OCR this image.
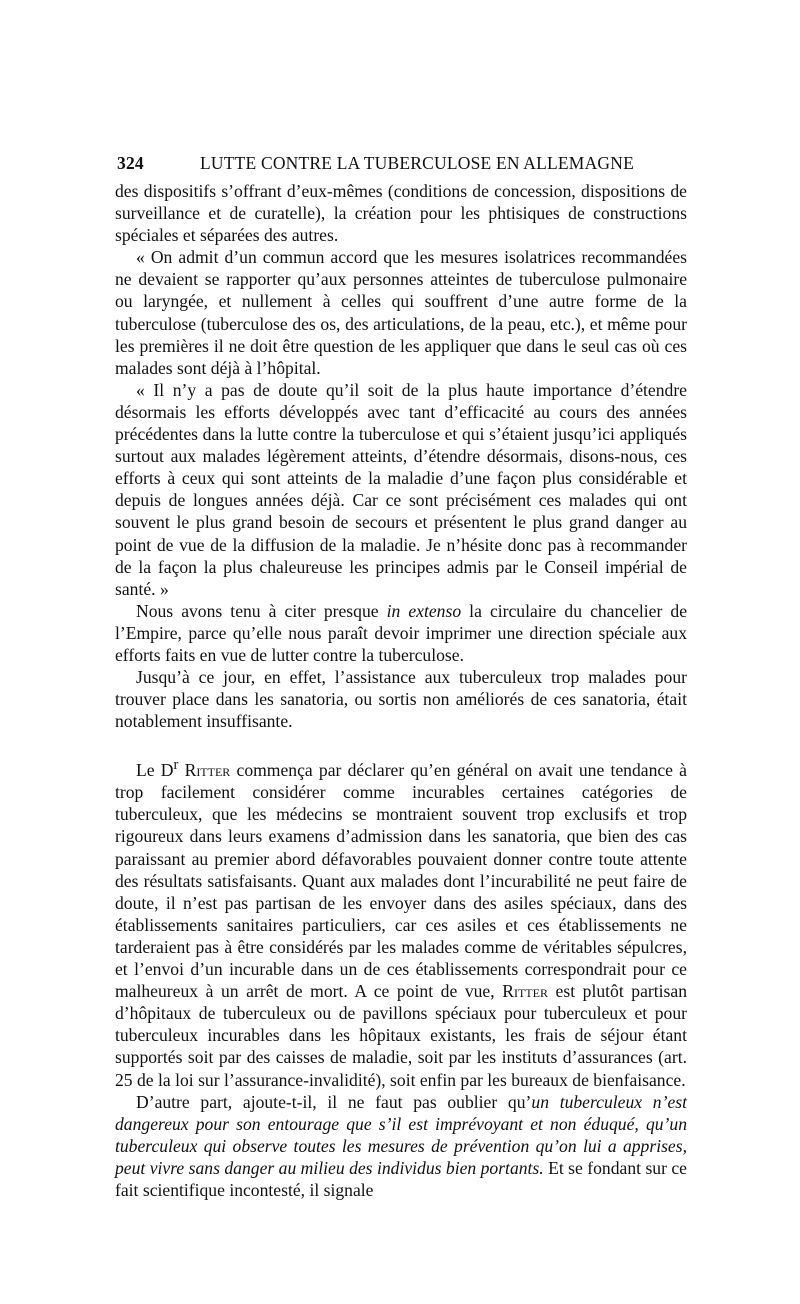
324	LUTTE CONTRE LA TUBERCULOSE EN ALLEMAGNE

des dispositifs s’offrant d’eux-mêmes (conditions de concession, dispositions de surveillance et de curatelle), la création pour les phtisiques de constructions spéciales et séparées des autres.

« On admit d’un commun accord que les mesures isolatrices recommandées ne devaient se rapporter qu’aux personnes atteintes de tuberculose pulmonaire ou laryngée, et nullement à celles qui souffrent d’une autre forme de la tuberculose (tuberculose des os, des articulations, de la peau, etc.), et même pour les premières il ne doit être question de les appliquer que dans le seul cas où ces malades sont déjà à l’hôpital.

« Il n’y a pas de doute qu’il soit de la plus haute importance d’étendre désormais les efforts développés avec tant d’efficacité au cours des années précédentes dans la lutte contre la tuberculose et qui s’étaient jusqu’ici appliqués surtout aux malades légèrement atteints, d’étendre désormais, disons-nous, ces efforts à ceux qui sont atteints de la maladie d’une façon plus considérable et depuis de longues années déjà. Car ce sont précisément ces malades qui ont souvent le plus grand besoin de secours et présentent le plus grand danger au point de vue de la diffusion de la maladie. Je n’hésite donc pas à recommander de la façon la plus chaleureuse les principes admis par le Conseil impérial de santé. »

Nous avons tenu à citer presque in extenso la circulaire du chancelier de l’Empire, parce qu’elle nous paraît devoir imprimer une direction spéciale aux efforts faits en vue de lutter contre la tuberculose.

Jusqu’à ce jour, en effet, l’assistance aux tuberculeux trop malades pour trouver place dans les sanatoria, ou sortis non améliorés de ces sanatoria, était notablement insuffisante.

Le $D^r$ Ritter commença par déclarer qu’en général on avait une tendance à trop facilement considérer comme incurables certaines catégories de tuberculeux, que les médecins se montraient souvent trop exclusifs et trop rigoureux dans leurs examens d’admission dans les sanatoria, que bien des cas paraissant au premier abord défavorables pouvaient donner contre toute attente des résultats satisfaisants. Quant aux malades dont l’incurabilité ne peut faire de doute, il n’est pas partisan de les envoyer dans des asiles spéciaux, dans des établissements sanitaires particuliers, car ces asiles et ces établissements ne tarderaient pas à être considérés par les malades comme de véritables sépulcres, et l’envoi d’un incurable dans un de ces établissements correspondrait pour ce malheureux à un arrêt de mort. A ce point de vue, Ritter est plutôt partisan d’hôpitaux de tuberculeux ou de pavillons spéciaux pour tuberculeux et pour tuberculeux incurables dans les hôpitaux existants, les frais de séjour étant supportés soit par des caisses de maladie, soit par les instituts d’assurances (art. 25 de la loi sur l’assurance-invalidité), soit enfin par les bureaux de bienfaisance.

D’autre part, ajoute-t-il, il ne faut pas oublier qu’un tuberculeux n’est dangereux pour son entourage que s’il est imprévoyant et non éduqué, qu’un tuberculeux qui observe toutes les mesures de prévention qu’on lui a apprises, peut vivre sans danger au milieu des individus bien portants. Et se fondant sur ce fait scientifique incontesté, il signale
